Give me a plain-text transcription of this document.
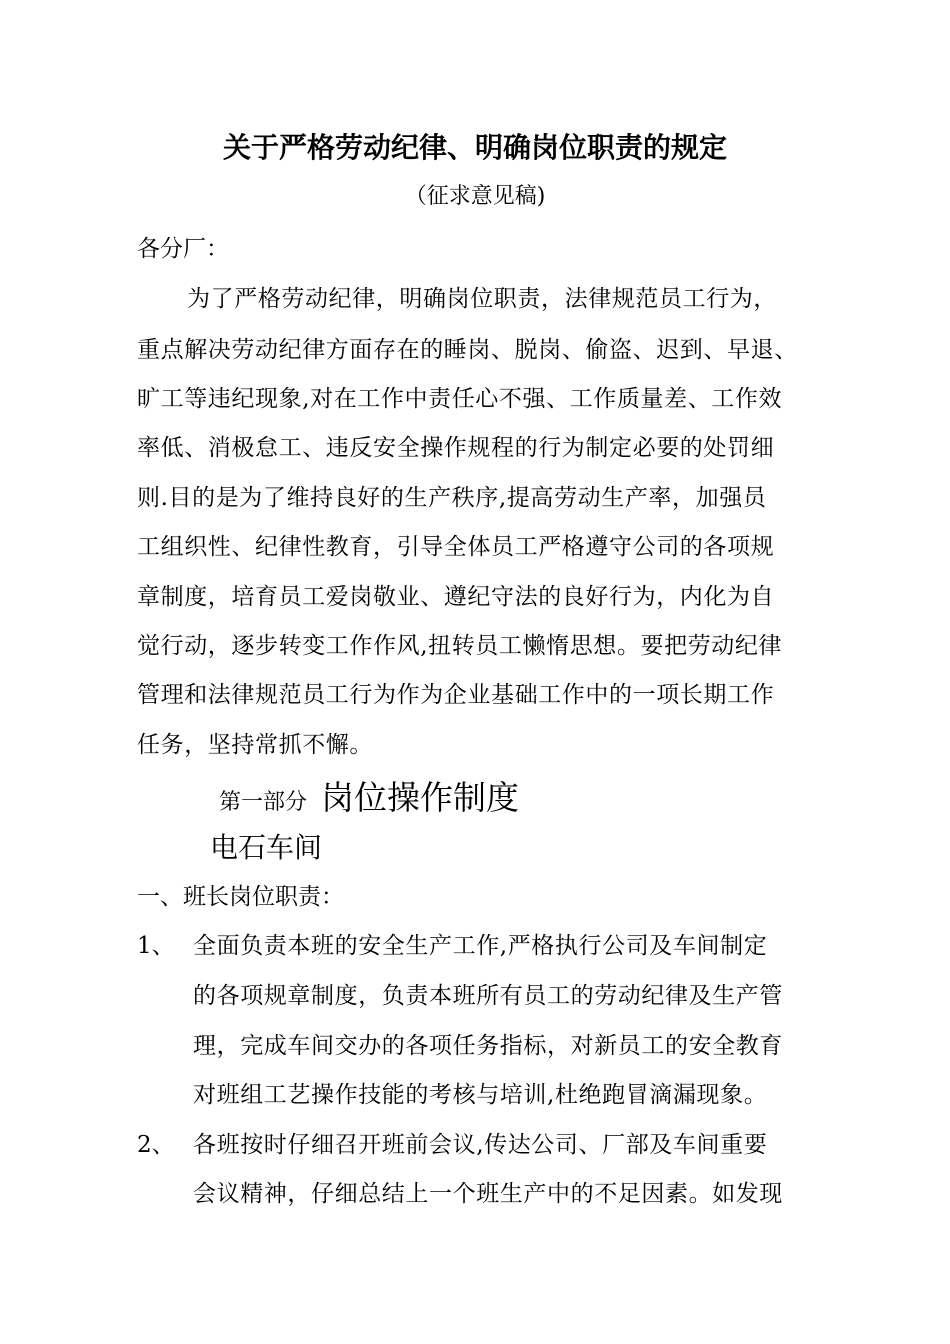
关于严格劳动纪律、明确岗位职责的规定
（征求意见稿)
各分厂：
为了严格劳动纪律，明确岗位职责，法律规范员工行为，
重点解决劳动纪律方面存在的睡岗、脱岗、偷盗、迟到、早退、
旷工等违纪现象,对在工作中责任心不强、工作质量差、工作效
率低、消极怠工、违反安全操作规程的行为制定必要的处罚细
则.目的是为了维持良好的生产秩序,提高劳动生产率，加强员
工组织性、纪律性教育，引导全体员工严格遵守公司的各项规
章制度，培育员工爱岗敬业、遵纪守法的良好行为，内化为自
觉行动，逐步转变工作作风,扭转员工懒惰思想。要把劳动纪律
管理和法律规范员工行为作为企业基础工作中的一项长期工作
任务，坚持常抓不懈。
第一部分 岗位操作制度
电石车间
一、班长岗位职责：
1、 全面负责本班的安全生产工作,严格执行公司及车间制定
的各项规章制度，负责本班所有员工的劳动纪律及生产管
理，完成车间交办的各项任务指标，对新员工的安全教育
对班组工艺操作技能的考核与培训,杜绝跑冒滴漏现象。
2、 各班按时仔细召开班前会议,传达公司、厂部及车间重要
会议精神，仔细总结上一个班生产中的不足因素。如发现
